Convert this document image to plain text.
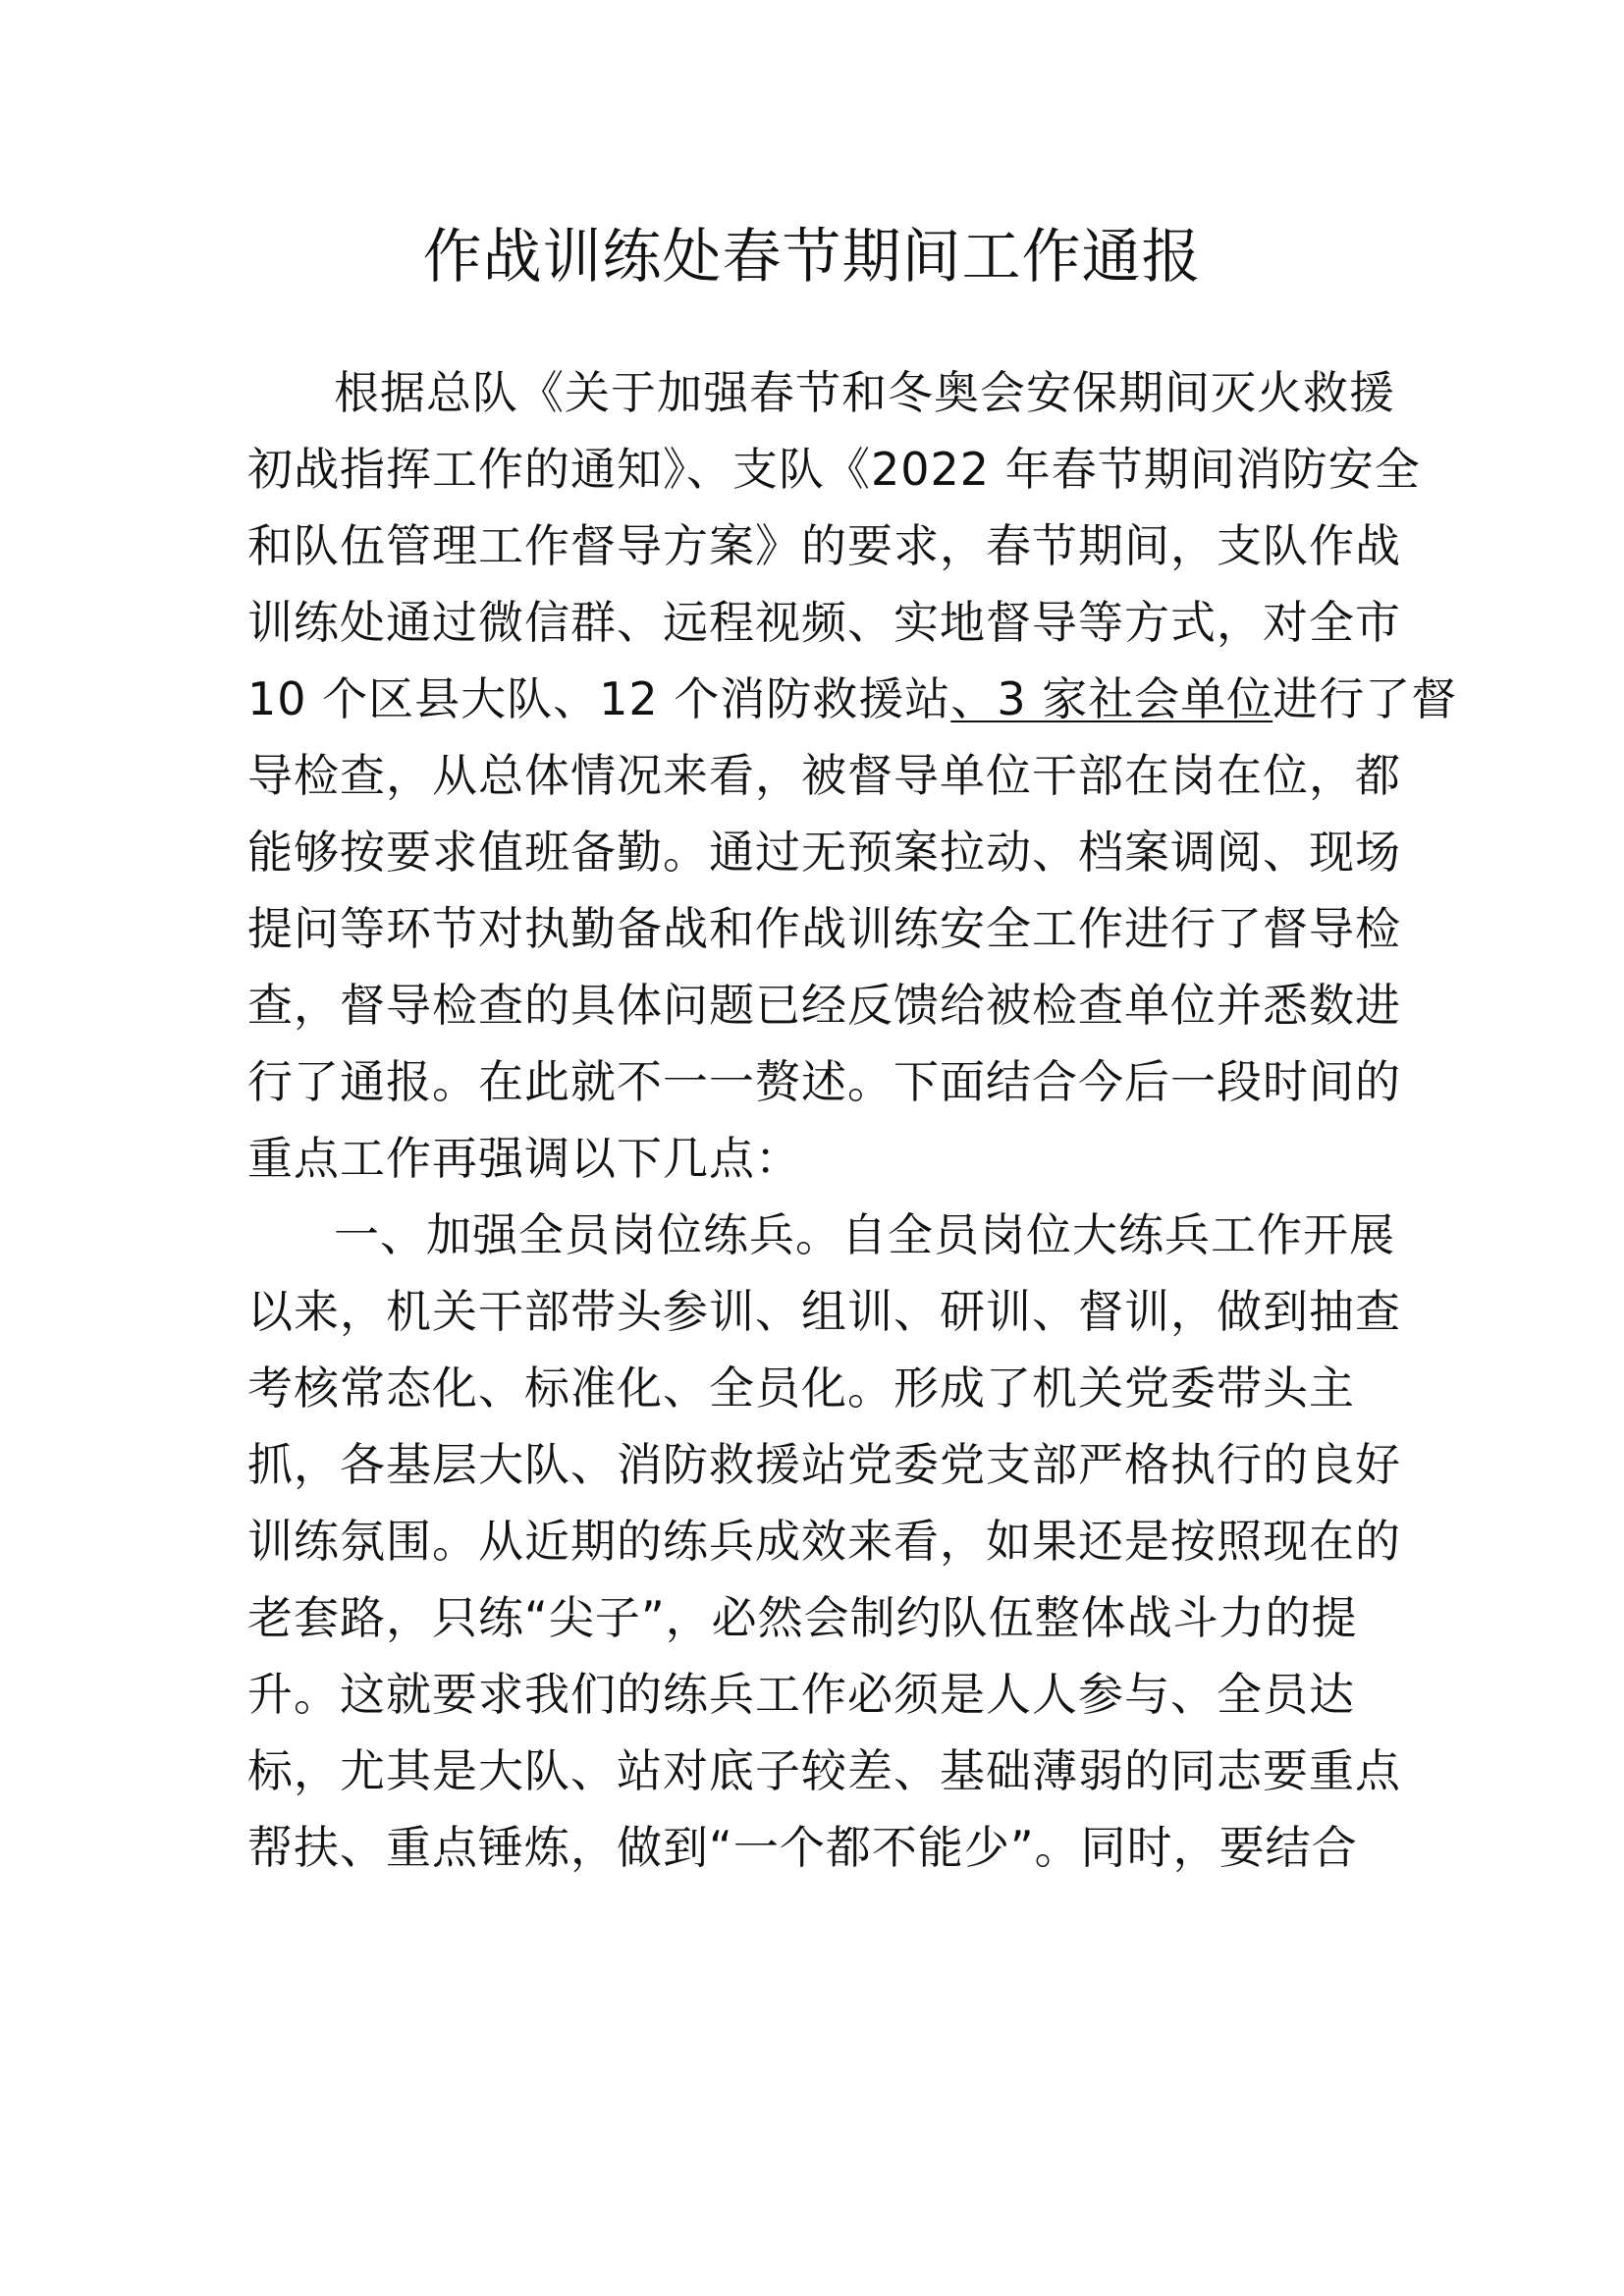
作战训练处春节期间工作通报
根据总队《关于加强春节和冬奥会安保期间灭火救援
初战指挥工作的通知》、支队《2022 年春节期间消防安全
和队伍管理工作督导方案》的要求，春节期间，支队作战
训练处通过微信群、远程视频、实地督导等方式，对全市
10 个区县大队、12 个消防救援站、3 家社会单位进行了督
导检查，从总体情况来看，被督导单位干部在岗在位，都
能够按要求值班备勤。通过无预案拉动、档案调阅、现场
提问等环节对执勤备战和作战训练安全工作进行了督导检
查，督导检查的具体问题已经反馈给被检查单位并悉数进
行了通报。在此就不一一赘述。下面结合今后一段时间的
重点工作再强调以下几点：
一、加强全员岗位练兵。自全员岗位大练兵工作开展
以来，机关干部带头参训、组训、研训、督训，做到抽查
考核常态化、标准化、全员化。形成了机关党委带头主
抓，各基层大队、消防救援站党委党支部严格执行的良好
训练氛围。从近期的练兵成效来看，如果还是按照现在的
老套路，只练“尖子”，必然会制约队伍整体战斗力的提
升。这就要求我们的练兵工作必须是人人参与、全员达
标，尤其是大队、站对底子较差、基础薄弱的同志要重点
帮扶、重点锤炼，做到“一个都不能少”。同时，要结合
